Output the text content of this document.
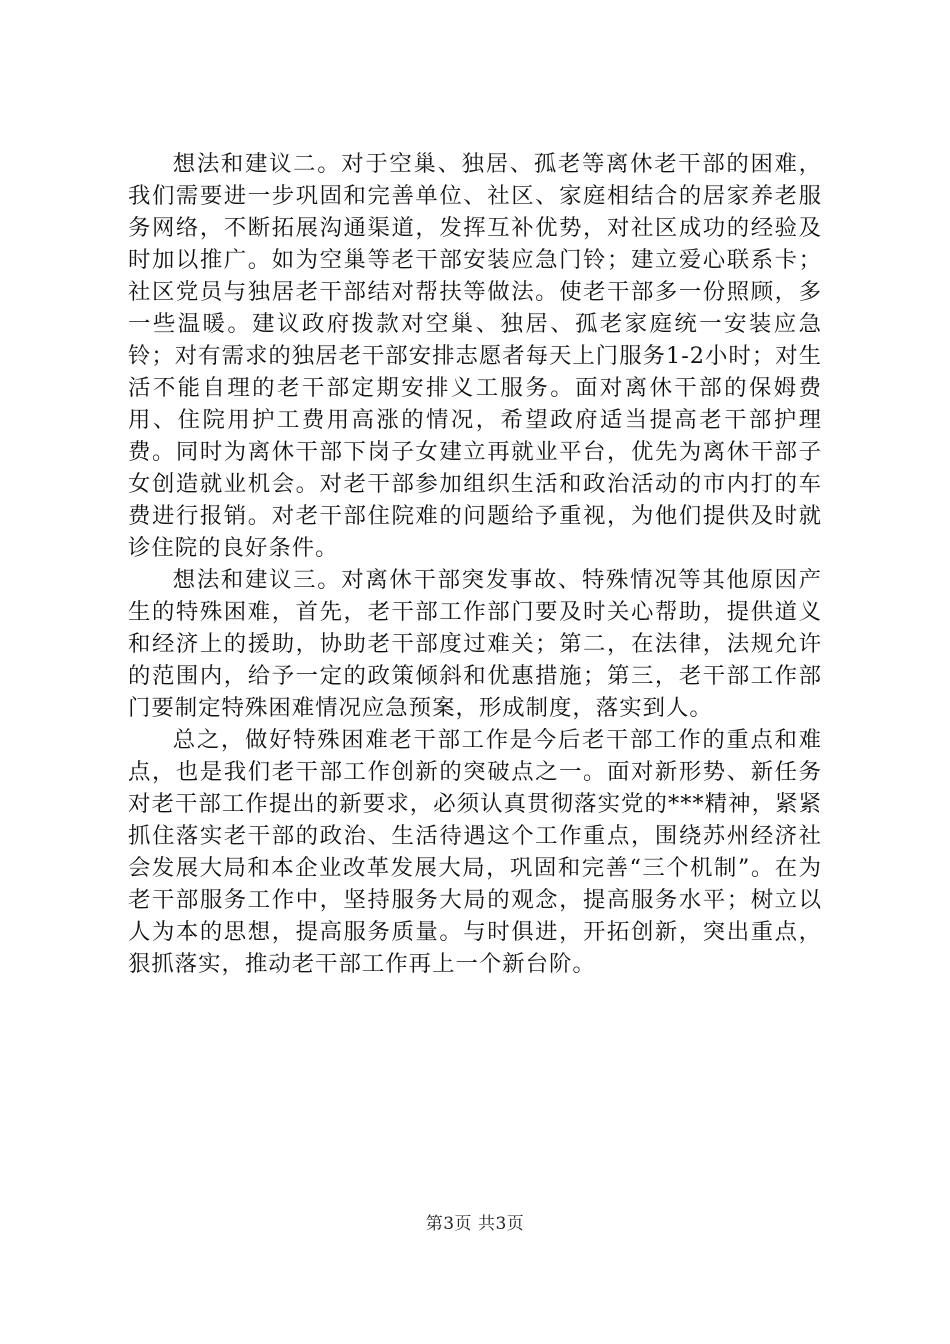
想法和建议二。对于空巢、独居、孤老等离休老干部的困难，我们需要进一步巩固和完善单位、社区、家庭相结合的居家养老服务网络，不断拓展沟通渠道，发挥互补优势，对社区成功的经验及时加以推广。如为空巢等老干部安装应急门铃；建立爱心联系卡；社区党员与独居老干部结对帮扶等做法。使老干部多一份照顾，多一些温暖。建议政府拨款对空巢、独居、孤老家庭统一安装应急铃；对有需求的独居老干部安排志愿者每天上门服务1-2小时；对生活不能自理的老干部定期安排义工服务。面对离休干部的保姆费用、住院用护工费用高涨的情况，希望政府适当提高老干部护理费。同时为离休干部下岗子女建立再就业平台，优先为离休干部子女创造就业机会。对老干部参加组织生活和政治活动的市内打的车费进行报销。对老干部住院难的问题给予重视，为他们提供及时就诊住院的良好条件。

想法和建议三。对离休干部突发事故、特殊情况等其他原因产生的特殊困难，首先，老干部工作部门要及时关心帮助，提供道义和经济上的援助，协助老干部度过难关；第二，在法律，法规允许的范围内，给予一定的政策倾斜和优惠措施；第三，老干部工作部门要制定特殊困难情况应急预案，形成制度，落实到人。

总之，做好特殊困难老干部工作是今后老干部工作的重点和难点，也是我们老干部工作创新的突破点之一。面对新形势、新任务对老干部工作提出的新要求，必须认真贯彻落实党的***精神，紧紧抓住落实老干部的政治、生活待遇这个工作重点，围绕苏州经济社会发展大局和本企业改革发展大局，巩固和完善“三个机制”。在为老干部服务工作中，坚持服务大局的观念，提高服务水平；树立以人为本的思想，提高服务质量。与时俱进，开拓创新，突出重点，狠抓落实，推动老干部工作再上一个新台阶。

第3页 共3页
